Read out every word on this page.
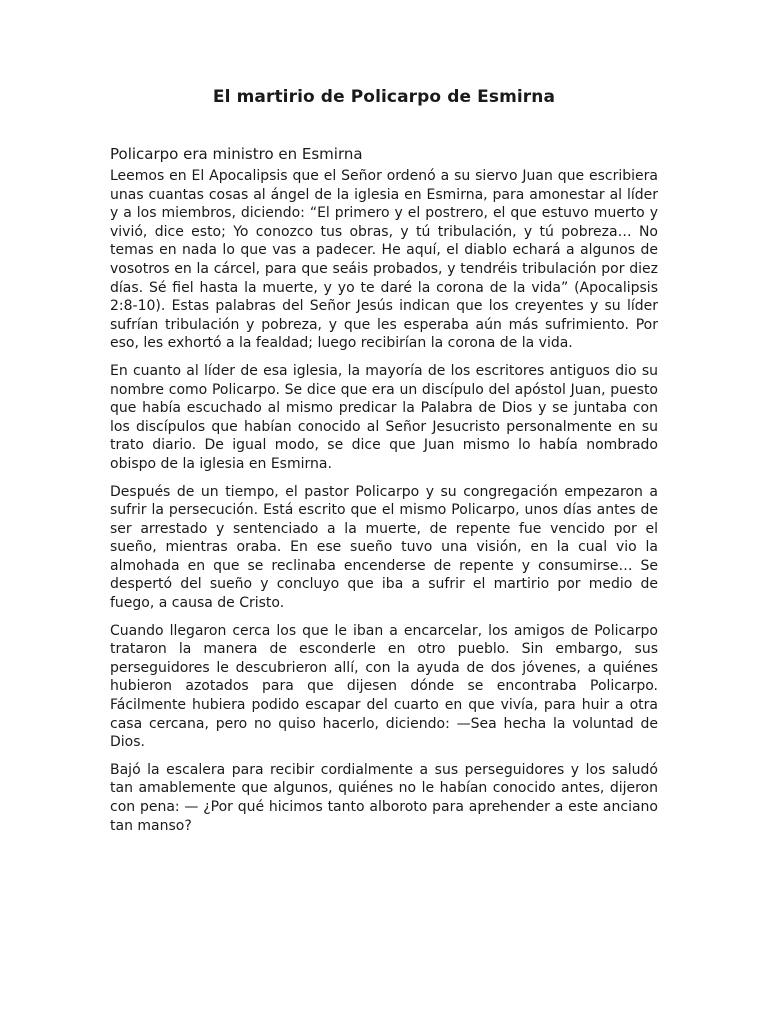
El martirio de Policarpo de Esmirna
Policarpo era ministro en Esmirna

Leemos en El Apocalipsis que el Señor ordenó a su siervo Juan que escribiera unas cuantas cosas al ángel de la iglesia en Esmirna, para amonestar al líder y a los miembros, diciendo: “El primero y el postrero, el que estuvo muerto y vivió, dice esto; Yo conozco tus obras, y tú tribulación, y tú pobreza… No temas en nada lo que vas a padecer. He aquí, el diablo echará a algunos de vosotros en la cárcel, para que seáis probados, y tendréis tribulación por diez días. Sé fiel hasta la muerte, y yo te daré la corona de la vida” (Apocalipsis 2:8-10). Estas palabras del Señor Jesús indican que los creyentes y su líder sufrían tribulación y pobreza, y que les esperaba aún más sufrimiento. Por eso, les exhortó a la fealdad; luego recibirían la corona de la vida.

En cuanto al líder de esa iglesia, la mayoría de los escritores antiguos dio su nombre como Policarpo. Se dice que era un discípulo del apóstol Juan, puesto que había escuchado al mismo predicar la Palabra de Dios y se juntaba con los discípulos que habían conocido al Señor Jesucristo personalmente en su trato diario. De igual modo, se dice que Juan mismo lo había nombrado obispo de la iglesia en Esmirna.

Después de un tiempo, el pastor Policarpo y su congregación empezaron a sufrir la persecución. Está escrito que el mismo Policarpo, unos días antes de ser arrestado y sentenciado a la muerte, de repente fue vencido por el sueño, mientras oraba. En ese sueño tuvo una visión, en la cual vio la almohada en que se reclinaba encenderse de repente y consumirse… Se despertó del sueño y concluyo que iba a sufrir el martirio por medio de fuego, a causa de Cristo.

Cuando llegaron cerca los que le iban a encarcelar, los amigos de Policarpo trataron la manera de esconderle en otro pueblo. Sin embargo, sus perseguidores le descubrieron allí, con la ayuda de dos jóvenes, a quiénes hubieron azotados para que dijesen dónde se encontraba Policarpo. Fácilmente hubiera podido escapar del cuarto en que vivía, para huir a otra casa cercana, pero no quiso hacerlo, diciendo: —Sea hecha la voluntad de Dios.

Bajó la escalera para recibir cordialmente a sus perseguidores y los saludó tan amablemente que algunos, quiénes no le habían conocido antes, dijeron con pena: — ¿Por qué hicimos tanto alboroto para aprehender a este anciano tan manso?
